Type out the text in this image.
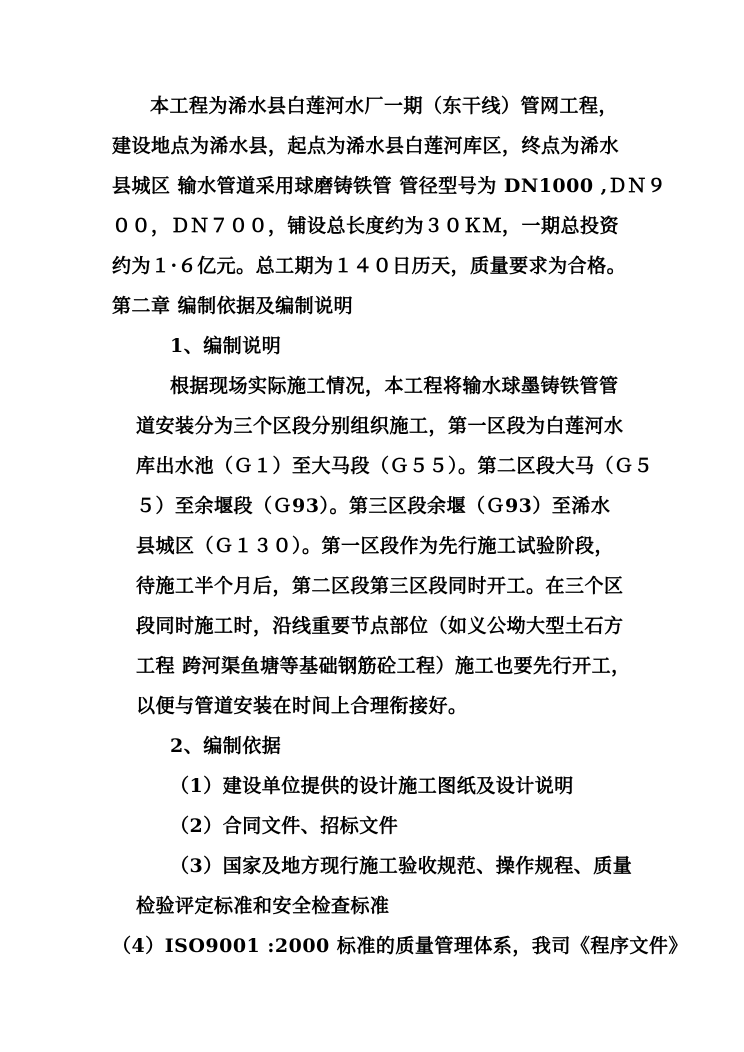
本工程为浠水县白莲河水厂一期（东干线）管网工程，
建设地点为浠水县，起点为浠水县白莲河库区，终点为浠水
县城区 输水管道采用球磨铸铁管 管径型号为 DN1000 ,ＤＮ９
００，ＤＮ７００，铺设总长度约为３０ＫＭ，一期总投资
约为１·６亿元。总工期为１４０日历天，质量要求为合格。
第二章 编制依据及编制说明
1、编制说明
根据现场实际施工情况，本工程将输水球墨铸铁管管
道安装分为三个区段分别组织施工，第一区段为白莲河水
库出水池（Ｇ１）至大马段（Ｇ５５）。第二区段大马（Ｇ５
５）至余堰段（Ｇ93）。第三区段余堰（Ｇ93）至浠水
县城区（Ｇ１３０）。第一区段作为先行施工试验阶段，
待施工半个月后，第二区段第三区段同时开工。在三个区
段同时施工时，沿线重要节点部位（如义公坳大型土石方
工程 跨河渠鱼塘等基础钢筋砼工程）施工也要先行开工，
以便与管道安装在时间上合理衔接好。
2、编制依据
（1）建设单位提供的设计施工图纸及设计说明
（2）合同文件、招标文件
（3）国家及地方现行施工验收规范、操作规程、质量
检验评定标准和安全检查标准
（4）ISO9001 :2000 标准的质量管理体系，我司《程序文件》
